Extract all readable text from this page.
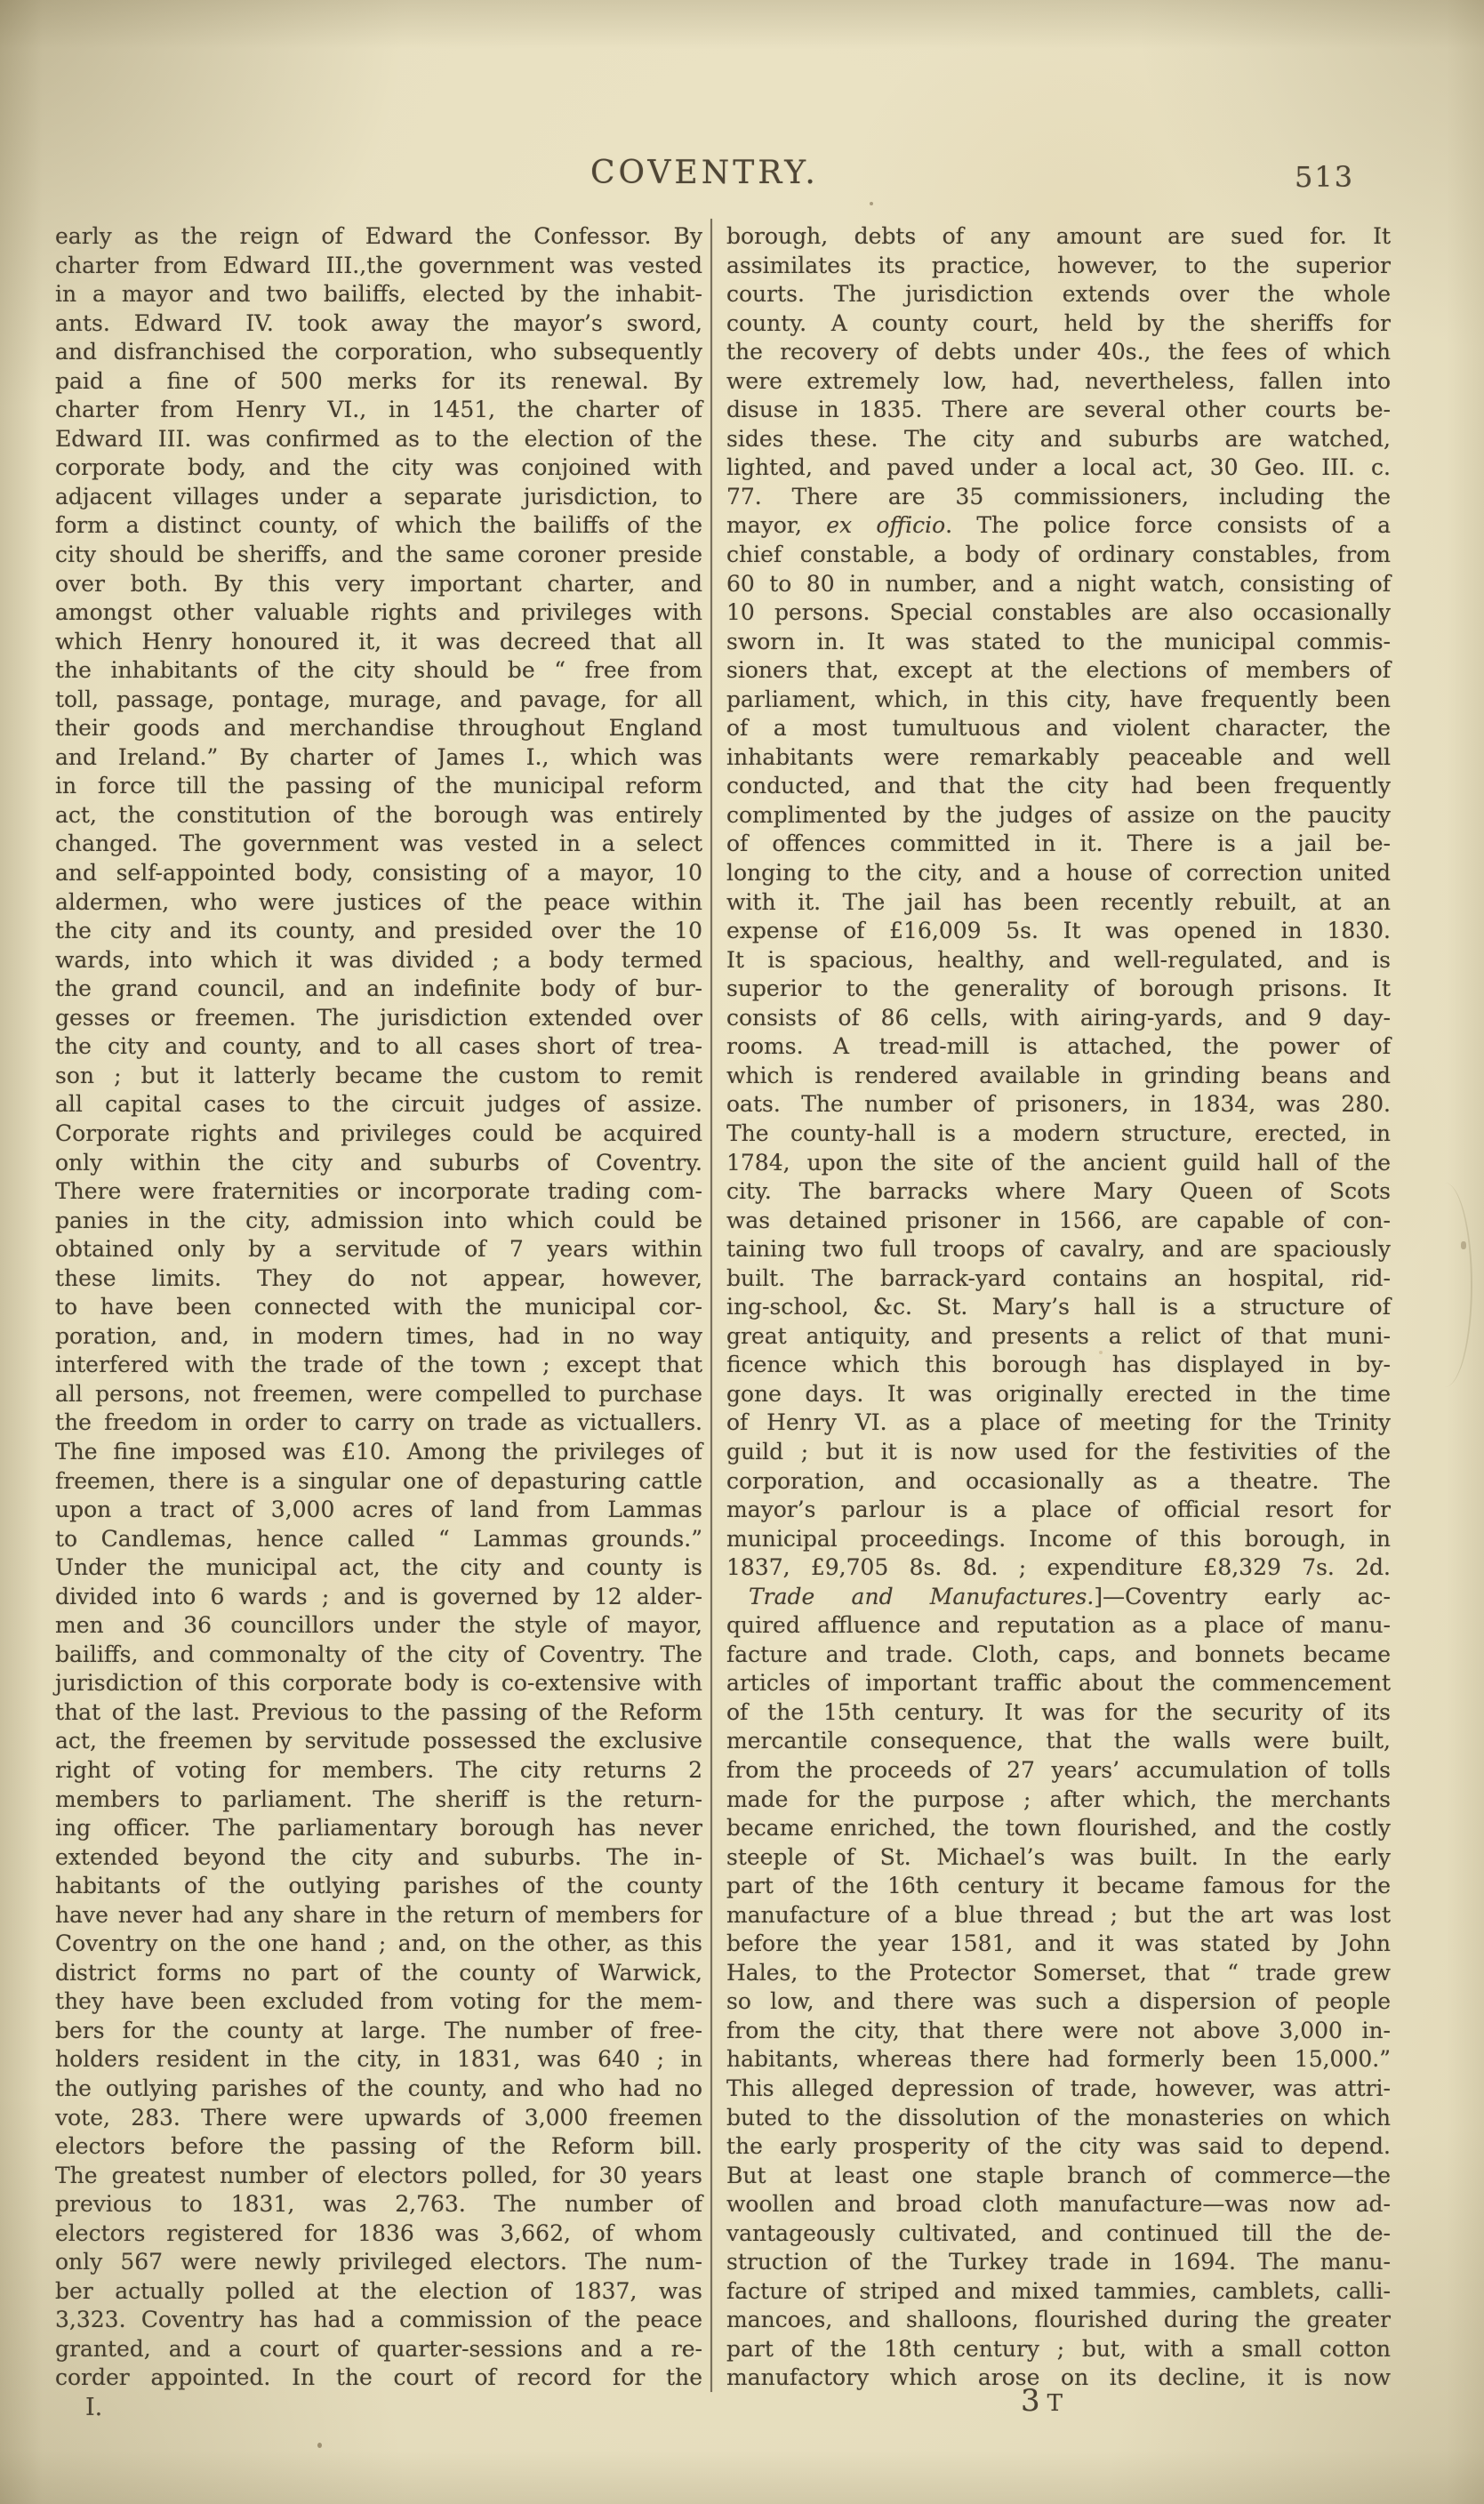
COVENTRY.	513
early as the reign of Edward the Confessor. By
charter from Edward III.,the government was vested
in a mayor and two bailiffs, elected by the inhabit-
ants. Edward IV. took away the mayor’s sword,
and disfranchised the corporation, who subsequently
paid a fine of 500 merks for its renewal. By
charter from Henry VI., in 1451, the charter of
Edward III. was confirmed as to the election of the
corporate body, and the city was conjoined with
adjacent villages under a separate jurisdiction, to
form a distinct county, of which the bailiffs of the
city should be sheriffs, and the same coroner preside
over both. By this very important charter, and
amongst other valuable rights and privileges with
which Henry honoured it, it was decreed that all
the inhabitants of the city should be “ free from
toll, passage, pontage, murage, and pavage, for all
their goods and merchandise throughout England
and Ireland.” By charter of James I., which was
in force till the passing of the municipal reform
act, the constitution of the borough was entirely
changed. The government was vested in a select
and self-appointed body, consisting of a mayor, 10
aldermen, who were justices of the peace within
the city and its county, and presided over the 10
wards, into which it was divided ; a body termed
the grand council, and an indefinite body of bur-
gesses or freemen. The jurisdiction extended over
the city and county, and to all cases short of trea-
son ; but it latterly became the custom to remit
all capital cases to the circuit judges of assize.
Corporate rights and privileges could be acquired
only within the city and suburbs of Coventry.
There were fraternities or incorporate trading com-
panies in the city, admission into which could be
obtained only by a servitude of 7 years within
these limits. They do not appear, however,
to have been connected with the municipal cor-
poration, and, in modern times, had in no way
interfered with the trade of the town ; except that
all persons, not freemen, were compelled to purchase
the freedom in order to carry on trade as victuallers.
The fine imposed was £10. Among the privileges of
freemen, there is a singular one of depasturing cattle
upon a tract of 3,000 acres of land from Lammas
to Candlemas, hence called “ Lammas grounds.”
Under the municipal act, the city and county is
divided into 6 wards ; and is governed by 12 alder-
men and 36 councillors under the style of mayor,
bailiffs, and commonalty of the city of Coventry. The
jurisdiction of this corporate body is co-extensive with
that of the last. Previous to the passing of the Reform
act, the freemen by servitude possessed the exclusive
right of voting for members. The city returns 2
members to parliament. The sheriff is the return-
ing officer. The parliamentary borough has never
extended beyond the city and suburbs. The in-
habitants of the outlying parishes of the county
have never had any share in the return of members for
Coventry on the one hand ; and, on the other, as this
district forms no part of the county of Warwick,
they have been excluded from voting for the mem-
bers for the county at large. The number of free-
holders resident in the city, in 1831, was 640 ; in
the outlying parishes of the county, and who had no
vote, 283. There were upwards of 3,000 freemen
electors before the passing of the Reform bill.
The greatest number of electors polled, for 30 years
previous to 1831, was 2,763. The number of
electors registered for 1836 was 3,662, of whom
only 567 were newly privileged electors. The num-
ber actually polled at the election of 1837, was
3,323. Coventry has had a commission of the peace
granted, and a court of quarter-sessions and a re-
corder appointed. In the court of record for the
borough, debts of any amount are sued for. It
assimilates its practice, however, to the superior
courts. The jurisdiction extends over the whole
county. A county court, held by the sheriffs for
the recovery of debts under 40s., the fees of which
were extremely low, had, nevertheless, fallen into
disuse in 1835. There are several other courts be-
sides these. The city and suburbs are watched,
lighted, and paved under a local act, 30 Geo. III. c.
77. There are 35 commissioners, including the
mayor, ex officio. The police force consists of a
chief constable, a body of ordinary constables, from
60 to 80 in number, and a night watch, consisting of
10 persons. Special constables are also occasionally
sworn in. It was stated to the municipal commis-
sioners that, except at the elections of members of
parliament, which, in this city, have frequently been
of a most tumultuous and violent character, the
inhabitants were remarkably peaceable and well
conducted, and that the city had been frequently
complimented by the judges of assize on the paucity
of offences committed in it. There is a jail be-
longing to the city, and a house of correction united
with it. The jail has been recently rebuilt, at an
expense of £16,009 5s. It was opened in 1830.
It is spacious, healthy, and well-regulated, and is
superior to the generality of borough prisons. It
consists of 86 cells, with airing-yards, and 9 day-
rooms. A tread-mill is attached, the power of
which is rendered available in grinding beans and
oats. The number of prisoners, in 1834, was 280.
The county-hall is a modern structure, erected, in
1784, upon the site of the ancient guild hall of the
city. The barracks where Mary Queen of Scots
was detained prisoner in 1566, are capable of con-
taining two full troops of cavalry, and are spaciously
built. The barrack-yard contains an hospital, rid-
ing-school, &c. St. Mary’s hall is a structure of
great antiquity, and presents a relict of that muni-
ficence which this borough has displayed in by-
gone days. It was originally erected in the time
of Henry VI. as a place of meeting for the Trinity
guild ; but it is now used for the festivities of the
corporation, and occasionally as a theatre. The
mayor’s parlour is a place of official resort for
municipal proceedings. Income of this borough, in
1837, £9,705 8s. 8d. ; expenditure £8,329 7s. 2d.
 Trade and Manufactures.]—Coventry early ac-
quired affluence and reputation as a place of manu-
facture and trade. Cloth, caps, and bonnets became
articles of important traffic about the commencement
of the 15th century. It was for the security of its
mercantile consequence, that the walls were built,
from the proceeds of 27 years’ accumulation of tolls
made for the purpose ; after which, the merchants
became enriched, the town flourished, and the costly
steeple of St. Michael’s was built. In the early
part of the 16th century it became famous for the
manufacture of a blue thread ; but the art was lost
before the year 1581, and it was stated by John
Hales, to the Protector Somerset, that “ trade grew
so low, and there was such a dispersion of people
from the city, that there were not above 3,000 in-
habitants, whereas there had formerly been 15,000.”
This alleged depression of trade, however, was attri-
buted to the dissolution of the monasteries on which
the early prosperity of the city was said to depend.
But at least one staple branch of commerce—the
woollen and broad cloth manufacture—was now ad-
vantageously cultivated, and continued till the de-
struction of the Turkey trade in 1694. The manu-
facture of striped and mixed tammies, camblets, calli-
mancoes, and shalloons, flourished during the greater
part of the 18th century ; but, with a small cotton
manufactory which arose on its decline, it is now
I.	3 T
